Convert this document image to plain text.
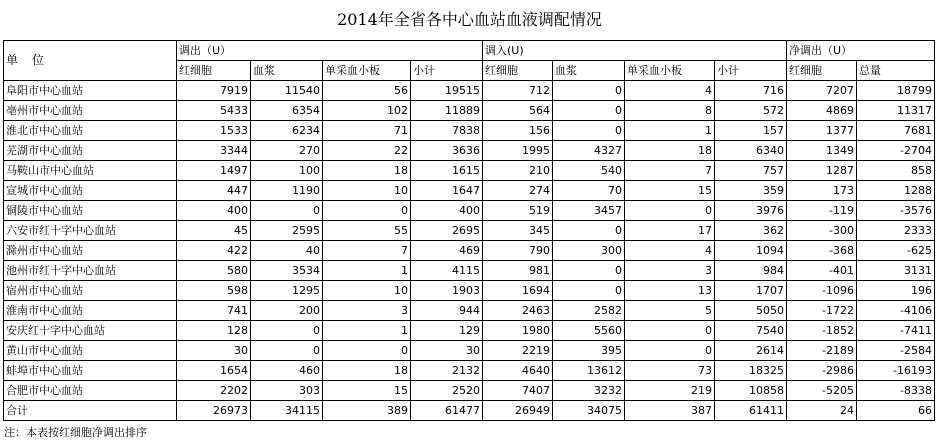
2014年全省各中心血站血液调配情况
单　位	调出（U）				调入(U)				净调出（U）	
	红细胞	血浆	单采血小板	小计	红细胞	血浆	单采血小板	小计	红细胞	总量
阜阳市中心血站	7919	11540	56	19515	712	0	4	716	7207	18799
亳州市中心血站	5433	6354	102	11889	564	0	8	572	4869	11317
淮北市中心血站	1533	6234	71	7838	156	0	1	157	1377	7681
芜湖市中心血站	3344	270	22	3636	1995	4327	18	6340	1349	-2704
马鞍山市中心血站	1497	100	18	1615	210	540	7	757	1287	858
宣城市中心血站	447	1190	10	1647	274	70	15	359	173	1288
铜陵市中心血站	400	0	0	400	519	3457	0	3976	-119	-3576
六安市红十字中心血站	45	2595	55	2695	345	0	17	362	-300	2333
滁州市中心血站	422	40	7	469	790	300	4	1094	-368	-625
池州市红十字中心血站	580	3534	1	4115	981	0	3	984	-401	3131
宿州市中心血站	598	1295	10	1903	1694	0	13	1707	-1096	196
淮南市中心血站	741	200	3	944	2463	2582	5	5050	-1722	-4106
安庆红十字中心血站	128	0	1	129	1980	5560	0	7540	-1852	-7411
黄山市中心血站	30	0	0	30	2219	395	0	2614	-2189	-2584
蚌埠市中心血站	1654	460	18	2132	4640	13612	73	18325	-2986	-16193
合肥市中心血站	2202	303	15	2520	7407	3232	219	10858	-5205	-8338
合计	26973	34115	389	61477	26949	34075	387	61411	24	66
注：本表按红细胞净调出排序
